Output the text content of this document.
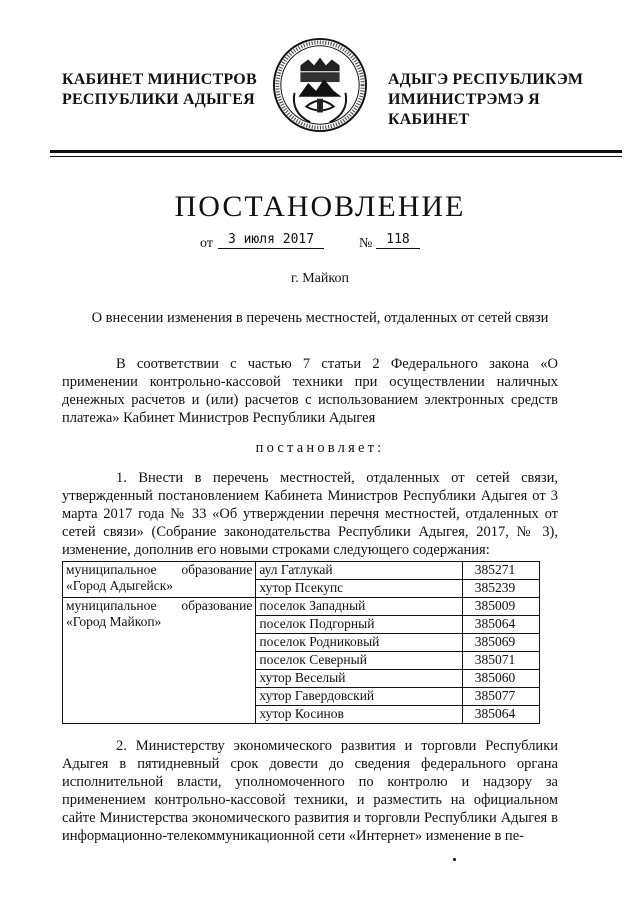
КАБИНЕТ МИНИСТРОВ
РЕСПУБЛИКИ АДЫГЕЯ
АДЫГЭ РЕСПУБЛИКЭМ
ИМИНИСТРЭМЭ Я КАБИНЕТ
ПОСТАНОВЛЕНИЕ
от	3 июля 2017	№	118
г. Майкоп
О внесении изменения в перечень местностей, отдаленных от сетей связи

В соответствии с частью 7 статьи 2 Федерального закона «О применении контрольно-кассовой техники при осуществлении наличных денежных расчетов и (или) расчетов с использованием электронных средств платежа» Кабинет Министров Республики Адыгея

постановляет:

1. Внести в перечень местностей, отдаленных от сетей связи, утвержденный постановлением Кабинета Министров Республики Адыгея от 3 марта 2017 года № 33 «Об утверждении перечня местностей, отдаленных от сетей связи» (Собрание законодательства Республики Адыгея, 2017, № 3), изменение, дополнив его новыми строками следующего содержания:

муниципальное образование «Город Адыгейск»	аул Гатлукай	385271
	хутор Псекупс	385239
муниципальное образование «Город Майкоп»	поселок Западный	385009
	поселок Подгорный	385064
	поселок Родниковый	385069
	поселок Северный	385071
	хутор Веселый	385060
	хутор Гавердовский	385077
	хутор Косинов	385064

2. Министерству экономического развития и торговли Республики Адыгея в пятидневный срок довести до сведения федерального органа исполнительной власти, уполномоченного по контролю и надзору за применением контрольно-кассовой техники, и разместить на официальном сайте Министерства экономического развития и торговли Республики Адыгея в информационно-телекоммуникационной сети «Интернет» изменение в пе-
